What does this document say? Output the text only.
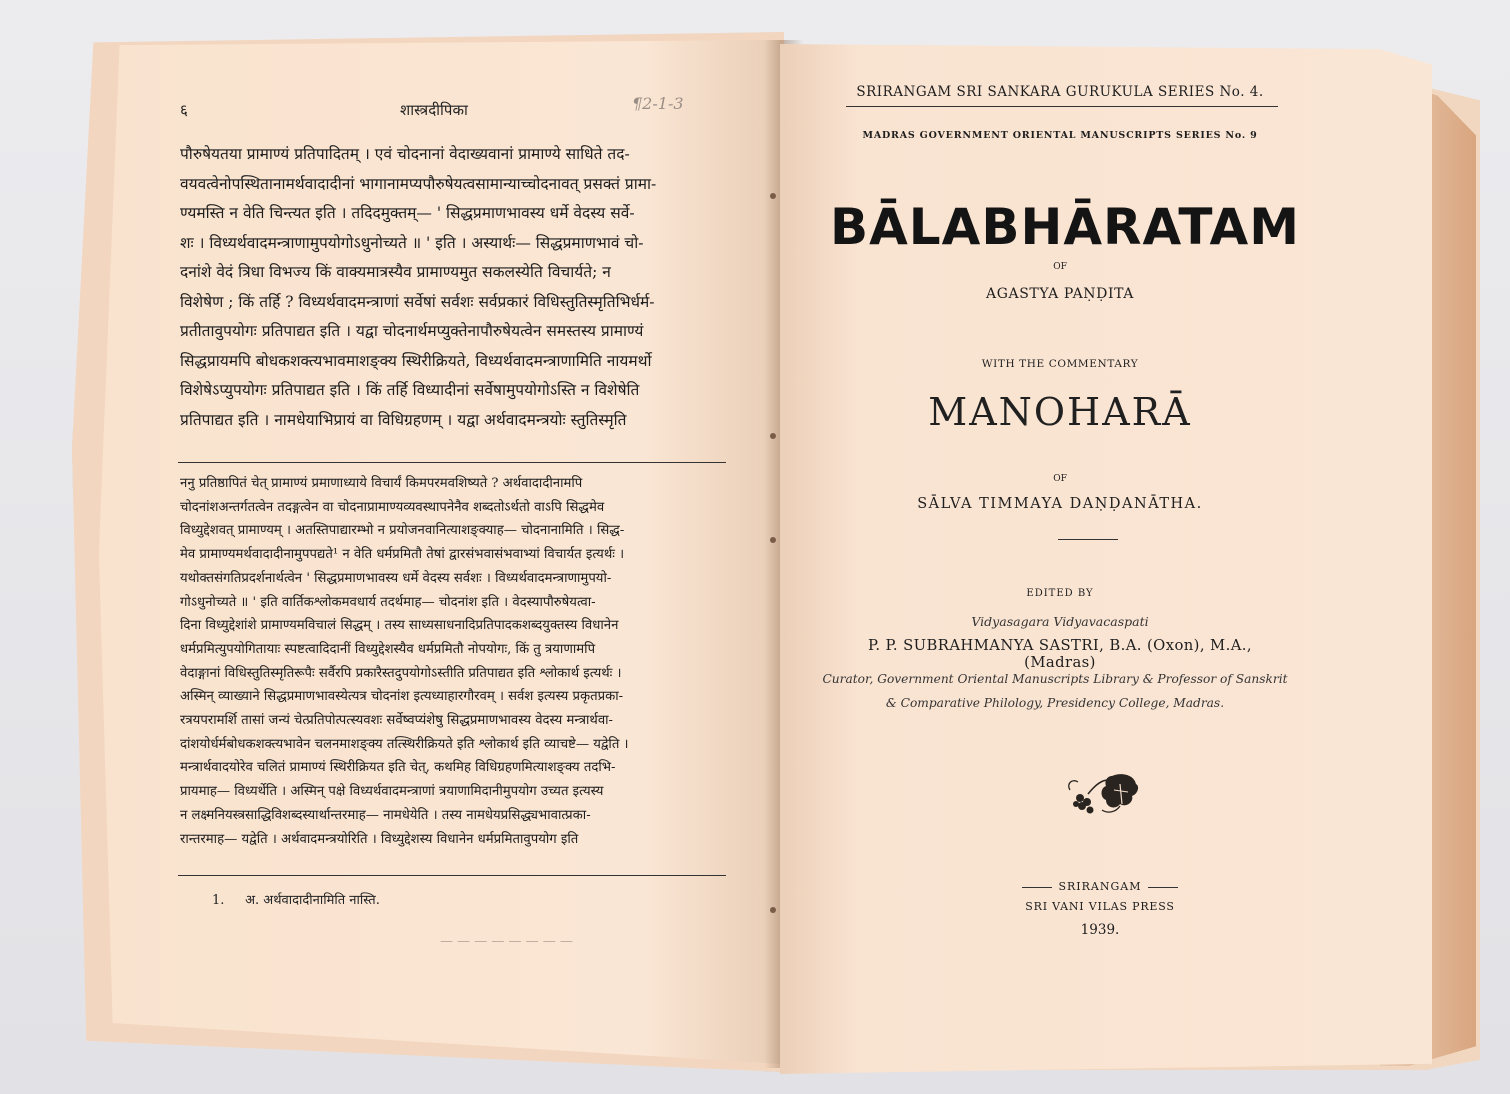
६	शास्त्रदीपिका	¶2-1-3
पौरुषेयतया प्रामाण्यं प्रतिपादितम् । एवं चोदनानां वेदाख्यवानां प्रामाण्ये साधिते तद-
वयवत्वेनोपस्थितानामर्थवादादीनां भागानामप्यपौरुषेयत्वसामान्याच्चोदनावत् प्रसक्तं प्रामा-
ण्यमस्ति न वेति चिन्त्यत इति । तदिदमुक्तम्— ' सिद्धप्रमाणभावस्य धर्मे वेदस्य सर्वे-
शः । विध्यर्थवादमन्त्राणामुपयोगोऽधुनोच्यते ॥ ' इति । अस्यार्थः— सिद्धप्रमाणभावं चो-
दनांशे वेदं त्रिधा विभज्य किं वाक्यमात्रस्यैव प्रामाण्यमुत सकलस्येति विचार्यते; न
विशेषेण ; किं तर्हि ? विध्यर्थवादमन्त्राणां सर्वेषां सर्वशः सर्वप्रकारं विधिस्तुतिस्मृतिभिर्धर्म-
प्रतीतावुपयोगः प्रतिपाद्यत इति । यद्वा चोदनार्थमप्युक्तेनापौरुषेयत्वेन समस्तस्य प्रामाण्यं
सिद्धप्रायमपि बोधकशक्त्यभावमाशङ्क्य स्थिरीक्रियते, विध्यर्थवादमन्त्राणामिति नायमर्थो
विशेषेऽप्युपयोगः प्रतिपाद्यत इति । किं तर्हि विध्यादीनां सर्वेषामुपयोगोऽस्ति न विशेषेति
प्रतिपाद्यत इति । नामधेयाभिप्रायं वा विधिग्रहणम् । यद्वा अर्थवादमन्त्रयोः स्तुतिस्मृति
ननु प्रतिष्ठापितं चेत् प्रामाण्यं प्रमाणाध्याये विचार्यं किमपरमवशिष्यते ? अर्थवादादीनामपि
चोदनांशअन्तर्गतत्वेन तदङ्गत्वेन वा चोदनाप्रामाण्यव्यवस्थापनेनैव शब्दतोऽर्थतो वाऽपि सिद्धमेव
विध्युद्देशवत् प्रामाण्यम् । अतस्तिपाद्यारम्भो न प्रयोजनवानित्याशङ्क्याह— चोदनानामिति । सिद्ध-
मेव प्रामाण्यमर्थवादादीनामुपपद्यते¹ न वेति धर्मप्रमितौ तेषां द्वारसंभवासंभवाभ्यां विचार्यत इत्यर्थः ।
यथोक्तसंगतिप्रदर्शनार्थत्वेन ' सिद्धप्रमाणभावस्य धर्मे वेदस्य सर्वशः । विध्यर्थवादमन्त्राणामुपयो-
गोऽधुनोच्यते ॥ ' इति वार्तिकश्लोकमवधार्य तदर्थमाह— चोदनांश इति । वेदस्यापौरुषेयत्वा-
दिना विध्युद्देशांशे प्रामाण्यमविचालं सिद्धम् । तस्य साध्यसाधनादिप्रतिपादकशब्दयुक्तस्य विधानेन
धर्मप्रमित्युपयोगितायाः स्पष्टत्वादिदानीं विध्युद्देशस्यैव धर्मप्रमितौ नोपयोगः, किं तु त्रयाणामपि
वेदाङ्गानां विधिस्तुतिस्मृतिरूपैः सर्वैरपि प्रकारैस्तदुपयोगोऽस्तीति प्रतिपाद्यत इति श्लोकार्थ इत्यर्थः ।
अस्मिन् व्याख्याने सिद्धप्रमाणभावस्येत्यत्र चोदनांश इत्यध्याहारगौरवम् । सर्वश इत्यस्य प्रकृतप्रका-
रत्रयपरामर्शि तासां जन्यं चेत्प्रतिपोत्पत्स्यवशः सर्वेष्वप्यंशेषु सिद्धप्रमाणभावस्य वेदस्य मन्त्रार्थवा-
दांशयोर्धर्मबोधकशक्त्यभावेन चलनमाशङ्क्य तत्स्थिरीक्रियते इति श्लोकार्थ इति व्याचष्टे— यद्वेति ।
मन्त्रार्थवादयोरेव चलितं प्रामाण्यं स्थिरीक्रियत इति चेत्, कथमिह विधिग्रहणमित्याशङ्क्य तदभि-
प्रायमाह— विध्यर्थेति । अस्मिन् पक्षे विध्यर्थवादमन्त्राणां त्रयाणामिदानीमुपयोग उच्यत इत्यस्य
न लक्ष्मनियस्त्रसाद्धिविशब्दस्यार्थान्तरमाह— नामधेयेति । तस्य नामधेयप्रसिद्ध्यभावात्प्रका-
रान्तरमाह— यद्वेति । अर्थवादमन्त्रयोरिति । विध्युद्देशस्य विधानेन धर्मप्रमितावुपयोग इति
1. अ. अर्थवादादीनामिति नास्ति.
— — — — — — — —
SRIRANGAM SRI SANKARA GURUKULA SERIES No. 4.
MADRAS GOVERNMENT ORIENTAL MANUSCRIPTS SERIES No. 9
BĀLABHĀRATAM
OF
AGASTYA PAṆḌITA
WITH THE COMMENTARY
MANOHARĀ
OF
SĀLVA TIMMAYA DAṆḌANĀTHA.
EDITED BY
Vidyasagara Vidyavacaspati
P. P. SUBRAHMANYA SASTRI, B.A. (Oxon), M.A., (Madras)
Curator, Government Oriental Manuscripts Library & Professor of Sanskrit
& Comparative Philology, Presidency College, Madras.
SRIRANGAM
SRI VANI VILAS PRESS
1939.
